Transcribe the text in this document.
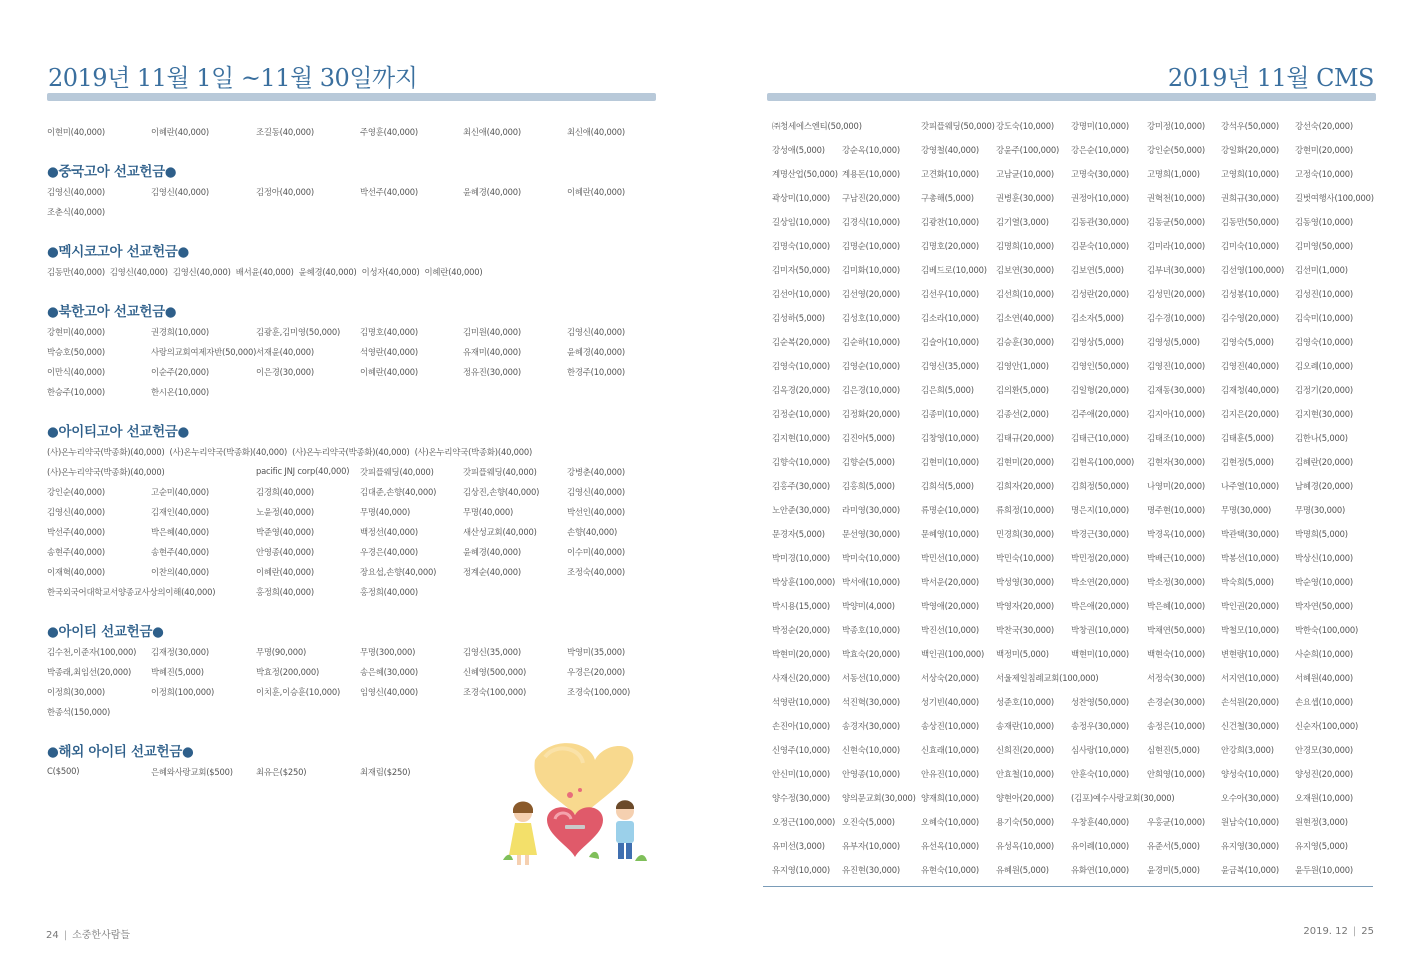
2019년 11월 1일 ~11월 30일까지
이현미(40,000)	이혜란(40,000)	조길동(40,000)	주영훈(40,000)	최신애(40,000)	최신애(40,000)
●중국고아 선교헌금●
김영신(40,000)	김영신(40,000)	김정아(40,000)	박선주(40,000)	윤혜경(40,000)	이혜란(40,000)
조춘식(40,000)
●멕시코고아 선교헌금●
김동만(40,000) 김영신(40,000) 김영신(40,000) 배서윤(40,000) 윤혜경(40,000) 이성자(40,000) 이혜란(40,000)
●북한고아 선교헌금●
강현미(40,000)	권경희(10,000)	김광훈,김미영(50,000) 김명호(40,000)	김미원(40,000)	김영신(40,000)
박승호(50,000)	사랑의교회여제자반(50,000) 서재윤(40,000)	석영란(40,000)	유재미(40,000)	윤혜경(40,000)
이만식(40,000)	이순주(20,000)	이은경(30,000)	이혜란(40,000)	정유진(30,000)	한경주(10,000)
한승주(10,000)	한시온(10,000)
●아이티고아 선교헌금●
(사)온누리약국(박종화)(40,000) (사)온누리약국(박종화)(40,000) (사)온누리약국(박종화)(40,000) (사)온누리약국(박종화)(40,000)
(사)온누리약국(박종화)(40,000)	pacific JNJ corp(40,000) 갓피플웨딩(40,000)	갓피플웨딩(40,000)	강병춘(40,000)
강인순(40,000)	고순미(40,000)	김경희(40,000)	김대준,손향(40,000)	김상진,손향(40,000)	김영신(40,000)
김영신(40,000)	김재인(40,000)	노윤정(40,000)	무명(40,000)	무명(40,000)	박선인(40,000)
박선주(40,000)	박은혜(40,000)	박준영(40,000)	백정선(40,000)	새산성교회(40,000)	손향(40,000)
송현주(40,000)	송현주(40,000)	안영종(40,000)	우경은(40,000)	윤혜경(40,000)	이수미(40,000)
이재혁(40,000)	이찬의(40,000)	이혜란(40,000)	장요섭,손향(40,000)	정계순(40,000)	조정숙(40,000)
한국외국어대학교서양종교사상의이해(40,000)	홍정희(40,000)	홍정희(40,000)
●아이티 선교헌금●
김수천,이준자(100,000) 김재정(30,000)	무명(90,000)	무명(300,000)	김영신(35,000)	박영미(35,000)
박종래,최임선(20,000) 박혜진(5,000)	박효정(200,000)	송은혜(30,000)	신혜영(500,000)	우경은(20,000)
이정희(30,000)	이정희(100,000)	이치훈,이승훈(10,000) 임영신(40,000)	조경숙(100,000)	조경숙(100,000)
한종석(150,000)
●해외 아이티 선교헌금●
C($500)	은혜와사랑교회($500)	최유은($250)	최재림($250)
24 | 소중한사람들
2019년 11월 CMS
㈜청세에스엔티(50,000)	갓피플웨딩(50,000) 강도숙(10,000) 강명미(10,000) 강미정(10,000) 강석우(50,000) 강선숙(20,000)
강성애(5,000) 강순옥(10,000)	강영철(40,000) 강윤주(100,000) 강은순(10,000) 강인순(50,000) 강일화(20,000) 강현미(20,000)
계명산업(50,000) 계용돈(10,000)	고견화(10,000) 고남균(10,000) 고명숙(30,000) 고명희(1,000)	고영희(10,000) 고정숙(10,000)
곽상미(10,000) 구남진(20,000)	구총해(5,000)	권병훈(30,000) 권정아(10,000) 권혁천(10,000) 권희규(30,000) 길벗여행사(100,000)
길상임(10,000) 김경식(10,000)	김광찬(10,000) 김기열(3,000)	김동관(30,000) 김동균(50,000) 김동만(50,000) 김동영(10,000)
김명숙(10,000) 김명순(10,000)	김명호(20,000) 김명희(10,000) 김문숙(10,000) 김미라(10,000) 김미숙(10,000) 김미영(50,000)
김미자(50,000) 김미화(10,000)	김베드로(10,000) 김보연(30,000) 김보연(5,000)	김부녀(30,000) 김선영(100,000) 김선미(1,000)
김선아(10,000) 김선영(20,000)	김선우(10,000) 김선희(10,000) 김성란(20,000) 김성민(20,000) 김성봉(10,000) 김성진(10,000)
김성하(5,000) 김성호(10,000)	김소라(10,000) 김소연(40,000) 김소자(5,000)	김수경(10,000) 김수영(20,000) 김숙미(10,000)
김순복(20,000) 김순하(10,000)	김슬아(10,000) 김승훈(30,000) 김영상(5,000)	김영성(5,000)	김영숙(5,000)	김영숙(10,000)
김영숙(10,000) 김영순(10,000)	김영신(35,000) 김영안(1,000)	김영인(50,000) 김영진(10,000) 김영진(40,000) 김오례(10,000)
김옥경(20,000) 김은경(10,000)	김은희(5,000)	김의환(5,000)	김일형(20,000) 김재동(30,000) 김재청(40,000) 김정기(20,000)
김정순(10,000) 김정화(20,000)	김종미(10,000) 김종선(2,000)	김주애(20,000) 김지아(10,000) 김지은(20,000) 김지현(30,000)
김지현(10,000) 김진아(5,000)	김창영(10,000) 김태규(20,000) 김태근(10,000) 김태조(10,000) 김태훈(5,000)	김한나(5,000)
김향숙(10,000) 김향순(5,000)	김현미(10,000) 김현미(20,000) 김현옥(100,000) 김현자(30,000) 김현정(5,000)	김혜란(20,000)
김홍주(30,000) 김홍희(5,000)	김희석(5,000)	김희자(20,000) 김희정(50,000) 나영미(20,000) 나주열(10,000) 남혜경(20,000)
노안준(30,000) 라미영(30,000)	류명순(10,000) 류희정(10,000) 명은지(10,000) 명주현(10,000) 무명(30,000)	무명(30,000)
문경자(5,000) 문선영(30,000)	문혜영(10,000) 민경희(30,000) 박경근(30,000) 박경옥(10,000) 박관택(30,000) 박명희(5,000)
박미경(10,000) 박미숙(10,000)	박민선(10,000) 박민숙(10,000) 박민정(20,000) 박배근(10,000) 박봉선(10,000) 박상신(10,000)
박상훈(100,000) 박서애(10,000)	박서운(20,000) 박성영(30,000) 박소연(20,000) 박소정(30,000) 박숙희(5,000)	박순영(10,000)
박시용(15,000) 박양미(4,000)	박영애(20,000) 박영자(20,000) 박은애(20,000) 박은혜(10,000) 박인권(20,000) 박자연(50,000)
박정순(20,000) 박종호(10,000)	박진선(10,000) 박찬국(30,000) 박창권(10,000) 박채연(50,000) 박철모(10,000) 박한숙(100,000)
박현미(20,000) 박효숙(20,000)	백인권(100,000) 백정미(5,000)	백현미(10,000) 백현숙(10,000) 변현량(10,000) 사순희(10,000)
사재신(20,000) 서동선(10,000)	서상숙(20,000) 서울제일침례교회(100,000)	서정숙(30,000) 서지연(10,000) 서혜원(40,000)
석영란(10,000) 석진혁(30,000)	성기빈(40,000) 성준호(10,000) 성찬영(50,000) 손경순(30,000) 손석원(20,000) 손요셉(10,000)
손진아(10,000) 송경자(30,000)	송상진(10,000) 송재란(10,000) 송정우(30,000) 송정은(10,000) 신건철(30,000) 신순자(100,000)
신영주(10,000) 신현숙(10,000)	신효래(10,000) 신희진(20,000) 심사랑(10,000) 심현진(5,000)	안강희(3,000)	안경모(30,000)
안신미(10,000) 안영종(10,000)	안유진(10,000) 안효철(10,000) 안훈숙(10,000) 안희영(10,000) 양성숙(10,000) 양성진(20,000)
양수정(30,000) 양의문교회(30,000) 양재희(10,000) 양현아(20,000) (김포)예수사랑교회(30,000)	오수아(30,000) 오재원(10,000)
오정근(100,000) 오진숙(5,000)	오혜숙(10,000) 용기숙(50,000) 우창훈(40,000) 우홍균(10,000) 원남숙(10,000) 원현정(3,000)
유미선(3,000) 유부자(10,000)	유선옥(10,000) 유성옥(10,000) 유이례(10,000) 유준서(5,000)	유지영(30,000) 유지영(5,000)
유지영(10,000) 유진현(30,000)	유현숙(10,000) 유혜원(5,000)	유화연(10,000) 윤경미(5,000)	윤금복(10,000) 윤두원(10,000)
2019. 12 | 25
